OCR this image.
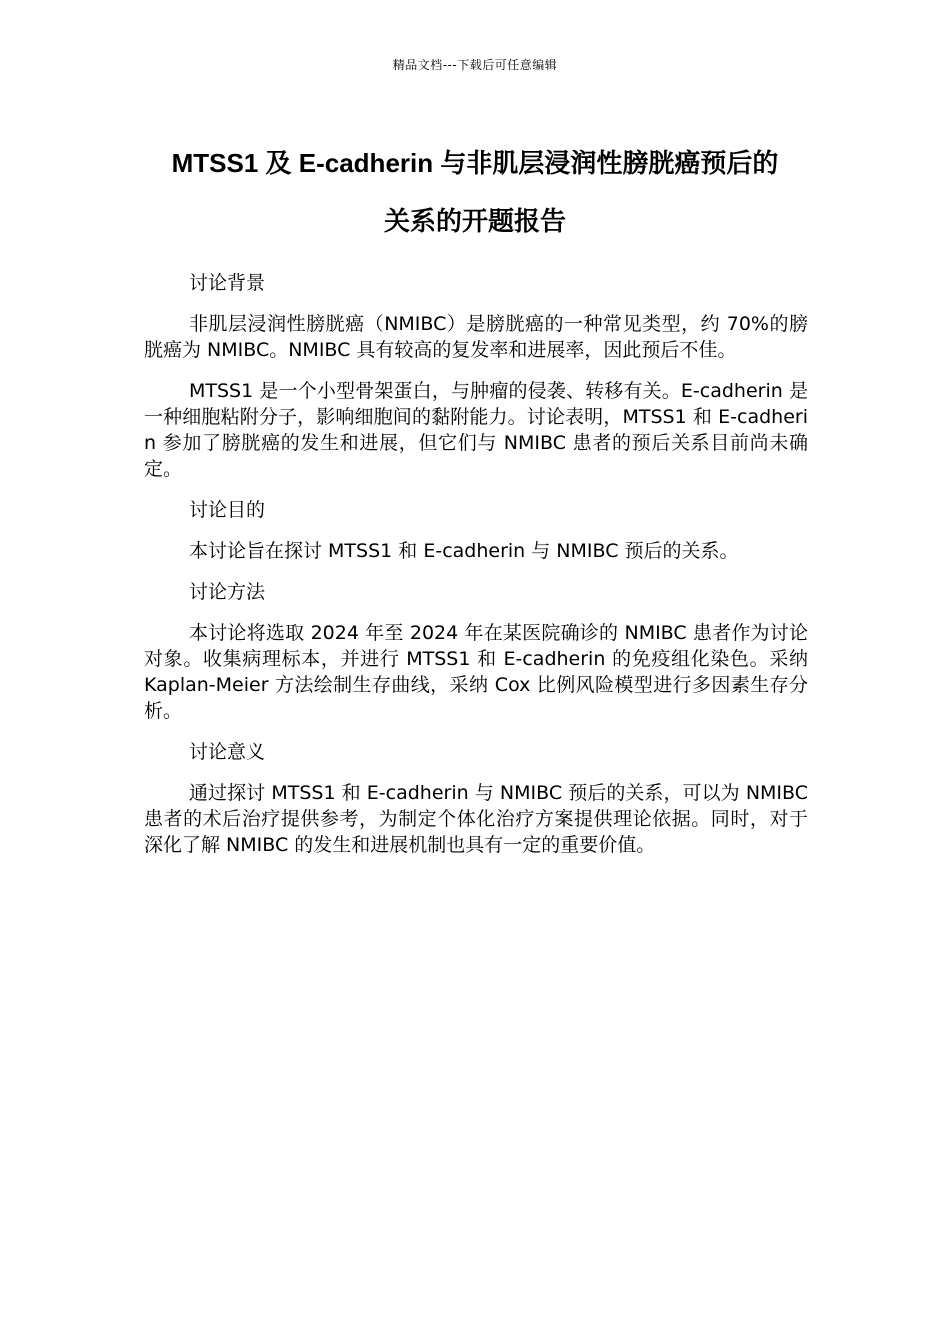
精品文档---下载后可任意编辑
MTSS1 及 E-cadherin 与非肌层浸润性膀胱癌预后的
关系的开题报告

讨论背景

非肌层浸润性膀胱癌（NMIBC）是膀胱癌的一种常见类型，约 70%的膀胱癌为 NMIBC。NMIBC 具有较高的复发率和进展率，因此预后不佳。

MTSS1 是一个小型骨架蛋白，与肿瘤的侵袭、转移有关。E-cadherin 是一种细胞粘附分子，影响细胞间的黏附能力。讨论表明，MTSS1 和 E-cadherin 参加了膀胱癌的发生和进展，但它们与 NMIBC 患者的预后关系目前尚未确定。

讨论目的

本讨论旨在探讨 MTSS1 和 E-cadherin 与 NMIBC 预后的关系。

讨论方法

本讨论将选取 2024 年至 2024 年在某医院确诊的 NMIBC 患者作为讨论对象。收集病理标本，并进行 MTSS1 和 E-cadherin 的免疫组化染色。采纳 Kaplan-Meier 方法绘制生存曲线，采纳 Cox 比例风险模型进行多因素生存分析。

讨论意义

通过探讨 MTSS1 和 E-cadherin 与 NMIBC 预后的关系，可以为 NMIBC 患者的术后治疗提供参考，为制定个体化治疗方案提供理论依据。同时，对于深化了解 NMIBC 的发生和进展机制也具有一定的重要价值。
